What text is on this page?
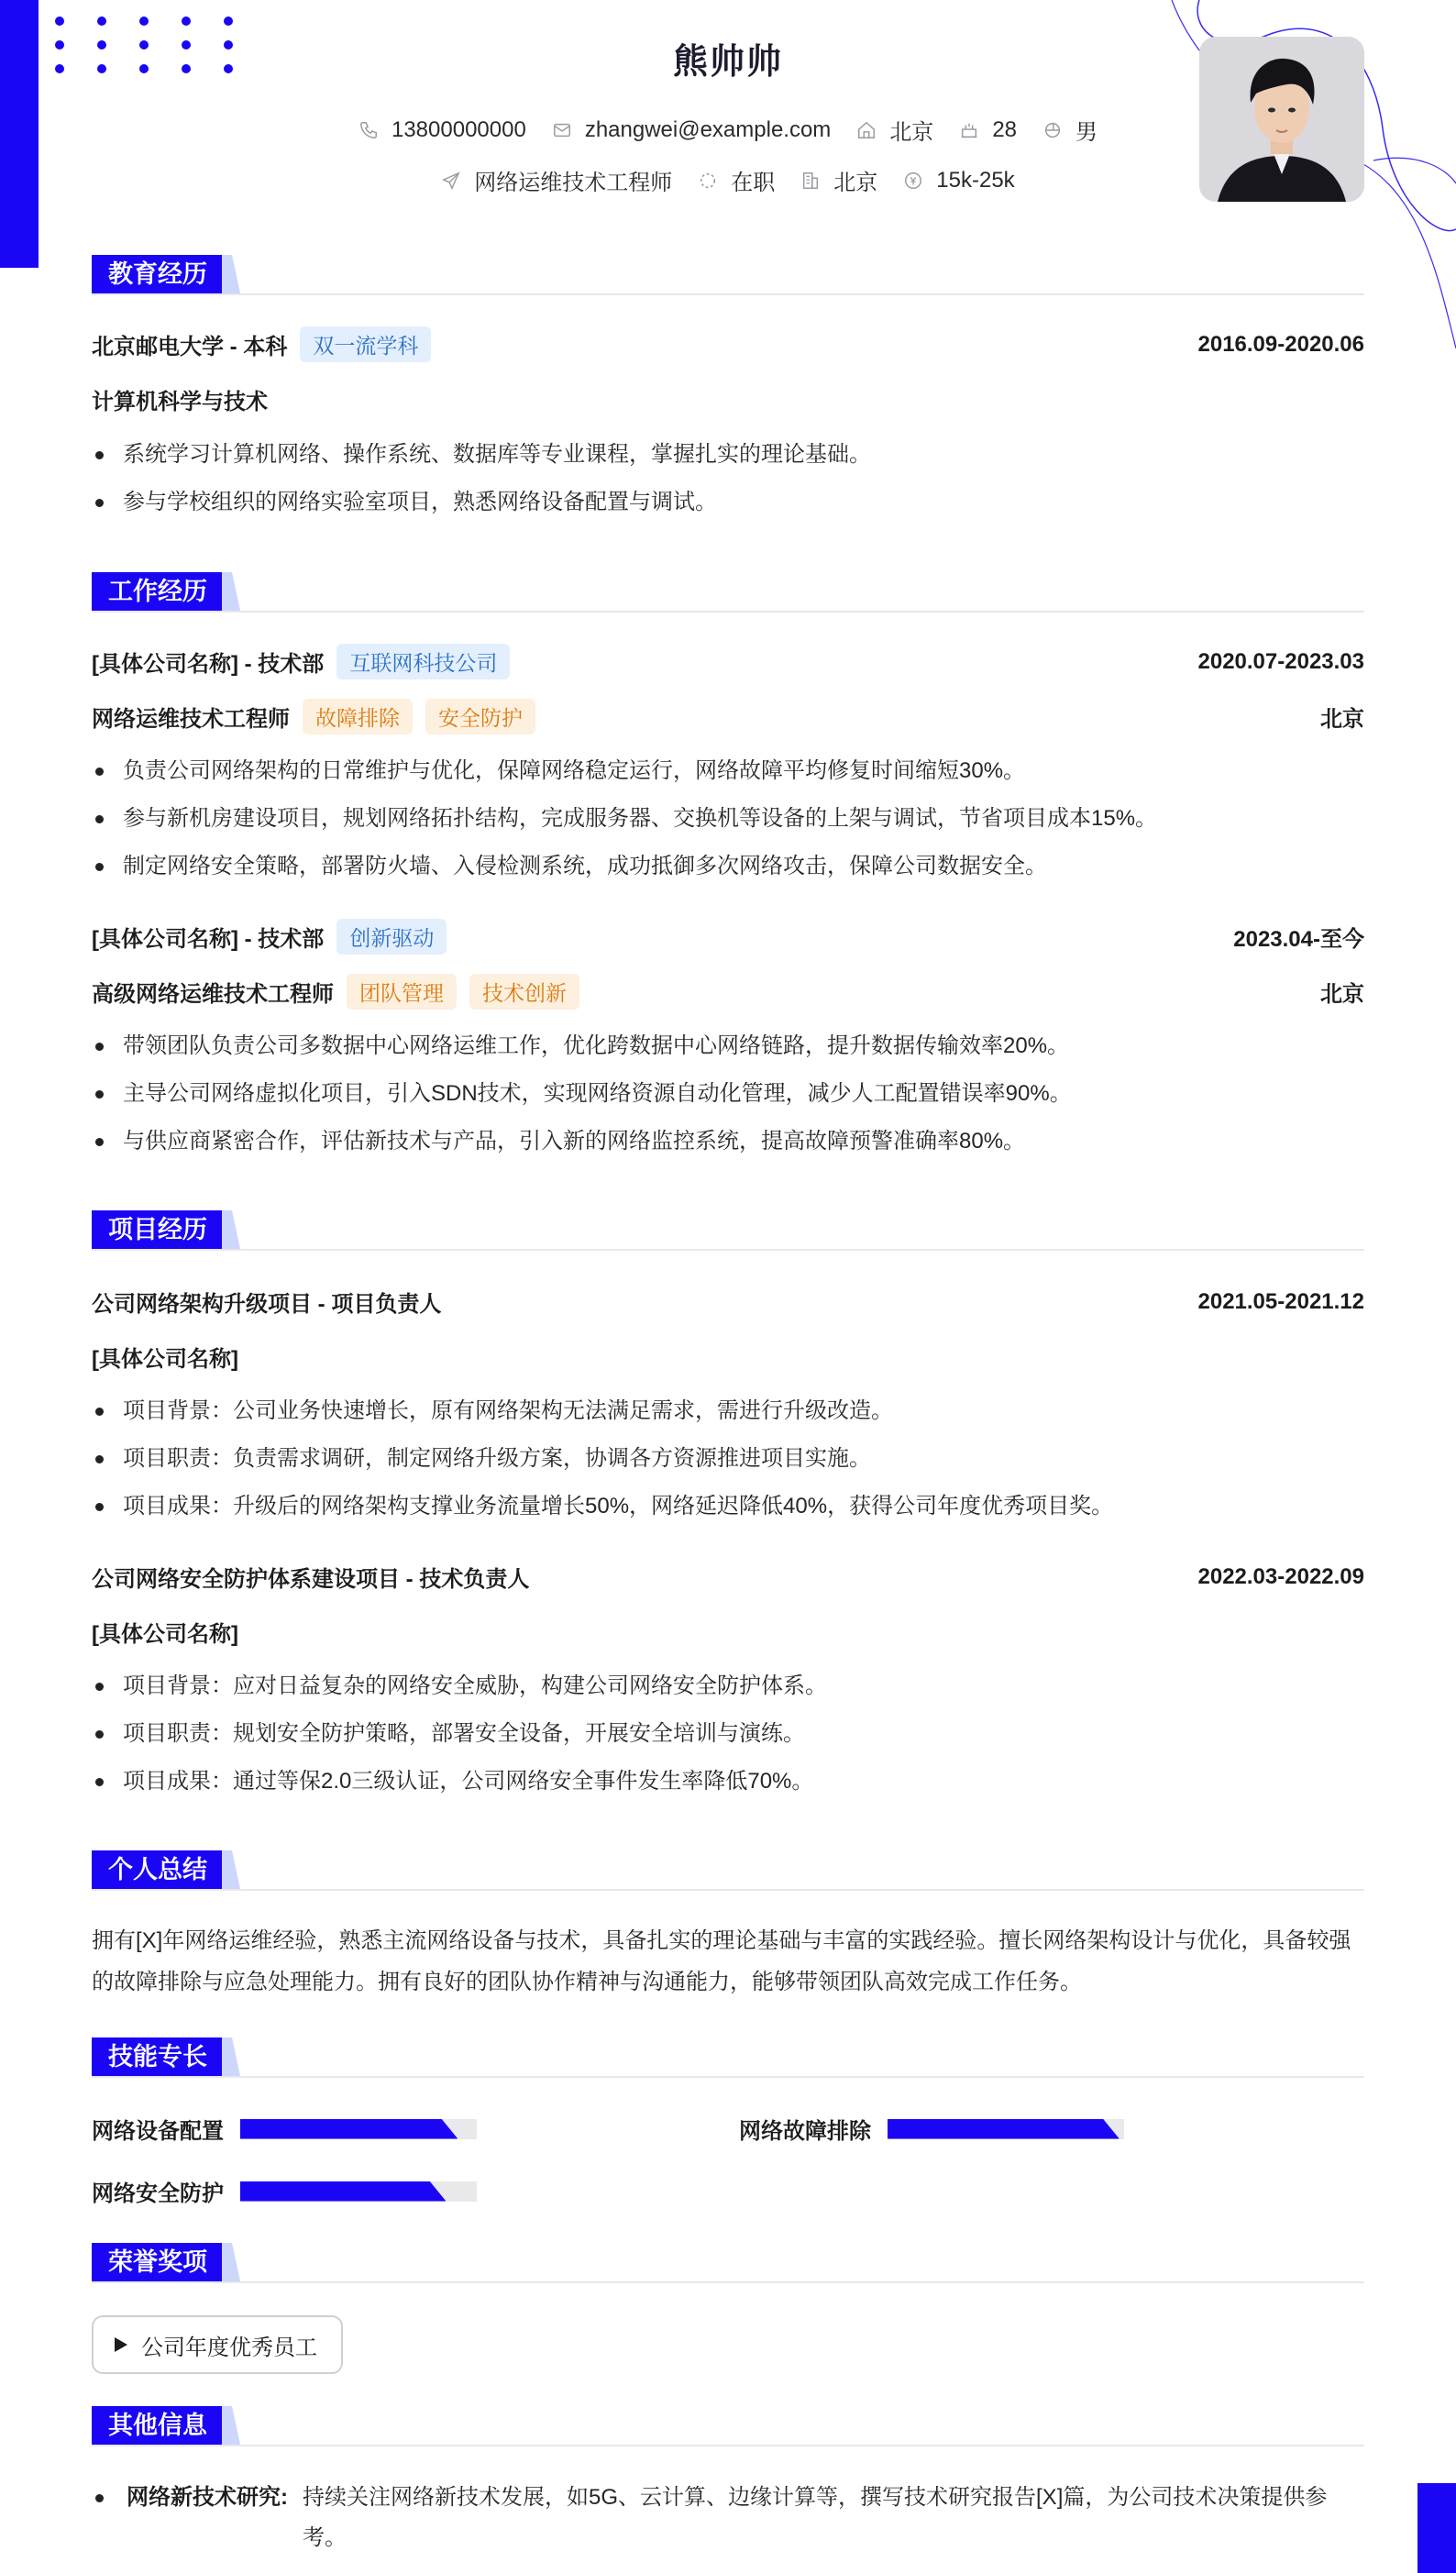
熊帅帅
13800000000	zhangwei@example.com	北京	28	男
网络运维技术工程师	在职	北京	15k-25k
教育经历
北京邮电大学 - 本科	双一流学科	2016.09-2020.06
计算机科学与技术
系统学习计算机网络、操作系统、数据库等专业课程，掌握扎实的理论基础。
参与学校组织的网络实验室项目，熟悉网络设备配置与调试。
工作经历
[具体公司名称] - 技术部	互联网科技公司	2020.07-2023.03
网络运维技术工程师	故障排除	安全防护	北京
负责公司网络架构的日常维护与优化，保障网络稳定运行，网络故障平均修复时间缩短30%。
参与新机房建设项目，规划网络拓扑结构，完成服务器、交换机等设备的上架与调试，节省项目成本15%。
制定网络安全策略，部署防火墙、入侵检测系统，成功抵御多次网络攻击，保障公司数据安全。
[具体公司名称] - 技术部	创新驱动	2023.04-至今
高级网络运维技术工程师	团队管理	技术创新	北京
带领团队负责公司多数据中心网络运维工作，优化跨数据中心网络链路，提升数据传输效率20%。
主导公司网络虚拟化项目，引入SDN技术，实现网络资源自动化管理，减少人工配置错误率90%。
与供应商紧密合作，评估新技术与产品，引入新的网络监控系统，提高故障预警准确率80%。
项目经历
公司网络架构升级项目 - 项目负责人	2021.05-2021.12
[具体公司名称]
项目背景：公司业务快速增长，原有网络架构无法满足需求，需进行升级改造。
项目职责：负责需求调研，制定网络升级方案，协调各方资源推进项目实施。
项目成果：升级后的网络架构支撑业务流量增长50%，网络延迟降低40%，获得公司年度优秀项目奖。
公司网络安全防护体系建设项目 - 技术负责人	2022.03-2022.09
[具体公司名称]
项目背景：应对日益复杂的网络安全威胁，构建公司网络安全防护体系。
项目职责：规划安全防护策略，部署安全设备，开展安全培训与演练。
项目成果：通过等保2.0三级认证，公司网络安全事件发生率降低70%。
个人总结
拥有[X]年网络运维经验，熟悉主流网络设备与技术，具备扎实的理论基础与丰富的实践经验。擅长网络架构设计与优化，具备较强的故障排除与应急处理能力。拥有良好的团队协作精神与沟通能力，能够带领团队高效完成工作任务。
技能专长
网络设备配置	网络故障排除
网络安全防护
荣誉奖项
公司年度优秀员工
其他信息
网络新技术研究: 持续关注网络新技术发展，如5G、云计算、边缘计算等，撰写技术研究报告[X]篇，为公司技术决策提供参考。
